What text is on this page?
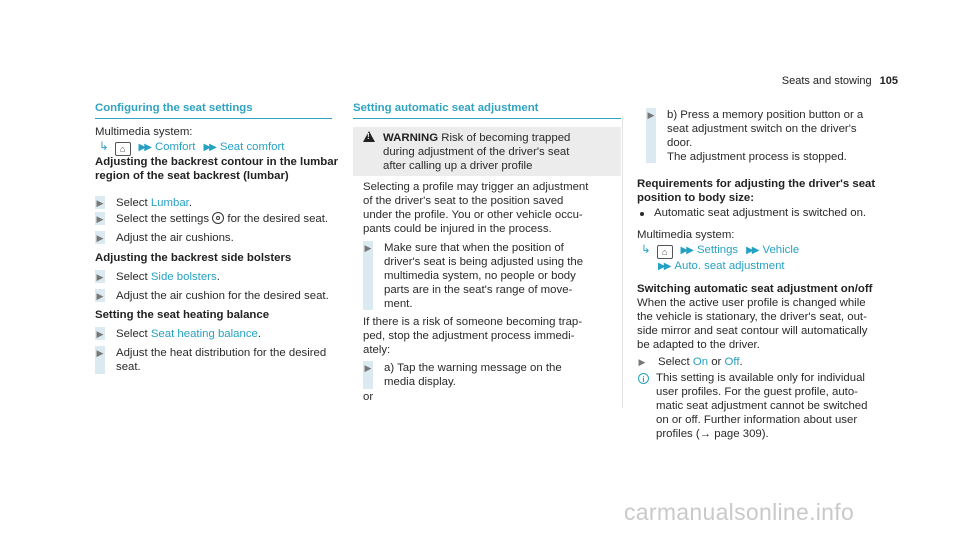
Seats and stowing 105
Configuring the seat settings
Multimedia system:
↳ ⌂ ▶▶ Comfort ▶▶ Seat comfort
Adjusting the backrest contour in the lumbar
region of the seat backrest (lumbar)
▶ Select Lumbar.
▶ Select the settings  for the desired seat.
▶ Adjust the air cushions.
Adjusting the backrest side bolsters
▶ Select Side bolsters.
▶ Adjust the air cushion for the desired seat.
Setting the seat heating balance
▶ Select Seat heating balance.
▶ Adjust the heat distribution for the desired
seat.
Setting automatic seat adjustment
!
WARNING Risk of becoming trapped
during adjustment of the driver's seat
after calling up a driver profile
Selecting a profile may trigger an adjustment
of the driver's seat to the position saved
under the profile. You or other vehicle occu-
pants could be injured in the process.
▶ Make sure that when the position of
driver's seat is being adjusted using the
multimedia system, no people or body
parts are in the seat's range of move-
ment.
If there is a risk of someone becoming trap-
ped, stop the adjustment process immedi-
ately:
▶ a) Tap the warning message on the
media display.
or
▶ b) Press a memory position button or a
seat adjustment switch on the driver's
door.
The adjustment process is stopped.
Requirements for adjusting the driver's seat
position to body size:
Automatic seat adjustment is switched on.
Multimedia system:
↳ ⌂ ▶▶ Settings ▶▶ Vehicle
▶▶ Auto. seat adjustment
Switching automatic seat adjustment on/off
When the active user profile is changed while
the vehicle is stationary, the driver's seat, out-
side mirror and seat contour will automatically
be adapted to the driver.
▶ Select On or Off.
i This setting is available only for individual
user profiles. For the guest profile, auto-
matic seat adjustment cannot be switched
on or off. Further information about user
profiles (→ page 309).
carmanualsonline.info
